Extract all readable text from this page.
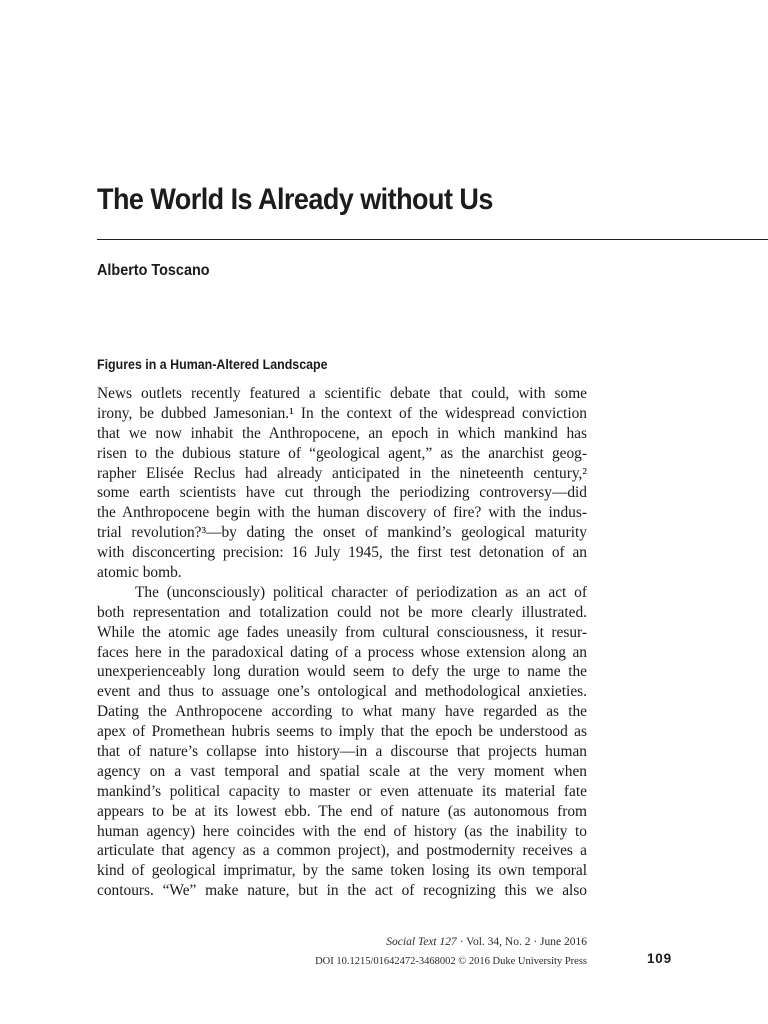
The World Is Already without Us
Alberto Toscano
Figures in a Human-Altered Landscape
News outlets recently featured a scientific debate that could, with some
irony, be dubbed Jamesonian.¹ In the context of the widespread conviction
that we now inhabit the Anthropocene, an epoch in which mankind has
risen to the dubious stature of “geological agent,” as the anarchist geog-
rapher Elisée Reclus had already anticipated in the nineteenth century,²
some earth scientists have cut through the periodizing controversy—did
the Anthropocene begin with the human discovery of fire? with the indus-
trial revolution?³—by dating the onset of mankind’s geological maturity
with disconcerting precision: 16 July 1945, the first test detonation of an
atomic bomb.
The (unconsciously) political character of periodization as an act of
both representation and totalization could not be more clearly illustrated.
While the atomic age fades uneasily from cultural consciousness, it resur-
faces here in the paradoxical dating of a process whose extension along an
unexperienceably long duration would seem to defy the urge to name the
event and thus to assuage one’s ontological and methodological anxieties.
Dating the Anthropocene according to what many have regarded as the
apex of Promethean hubris seems to imply that the epoch be understood as
that of nature’s collapse into history—in a discourse that projects human
agency on a vast temporal and spatial scale at the very moment when
mankind’s political capacity to master or even attenuate its material fate
appears to be at its lowest ebb. The end of nature (as autonomous from
human agency) here coincides with the end of history (as the inability to
articulate that agency as a common project), and postmodernity receives a
kind of geological imprimatur, by the same token losing its own temporal
contours. “We” make nature, but in the act of recognizing this we also
Social Text 127 · Vol. 34, No. 2 · June 2016
DOI 10.1215/01642472-3468002 © 2016 Duke University Press	109
